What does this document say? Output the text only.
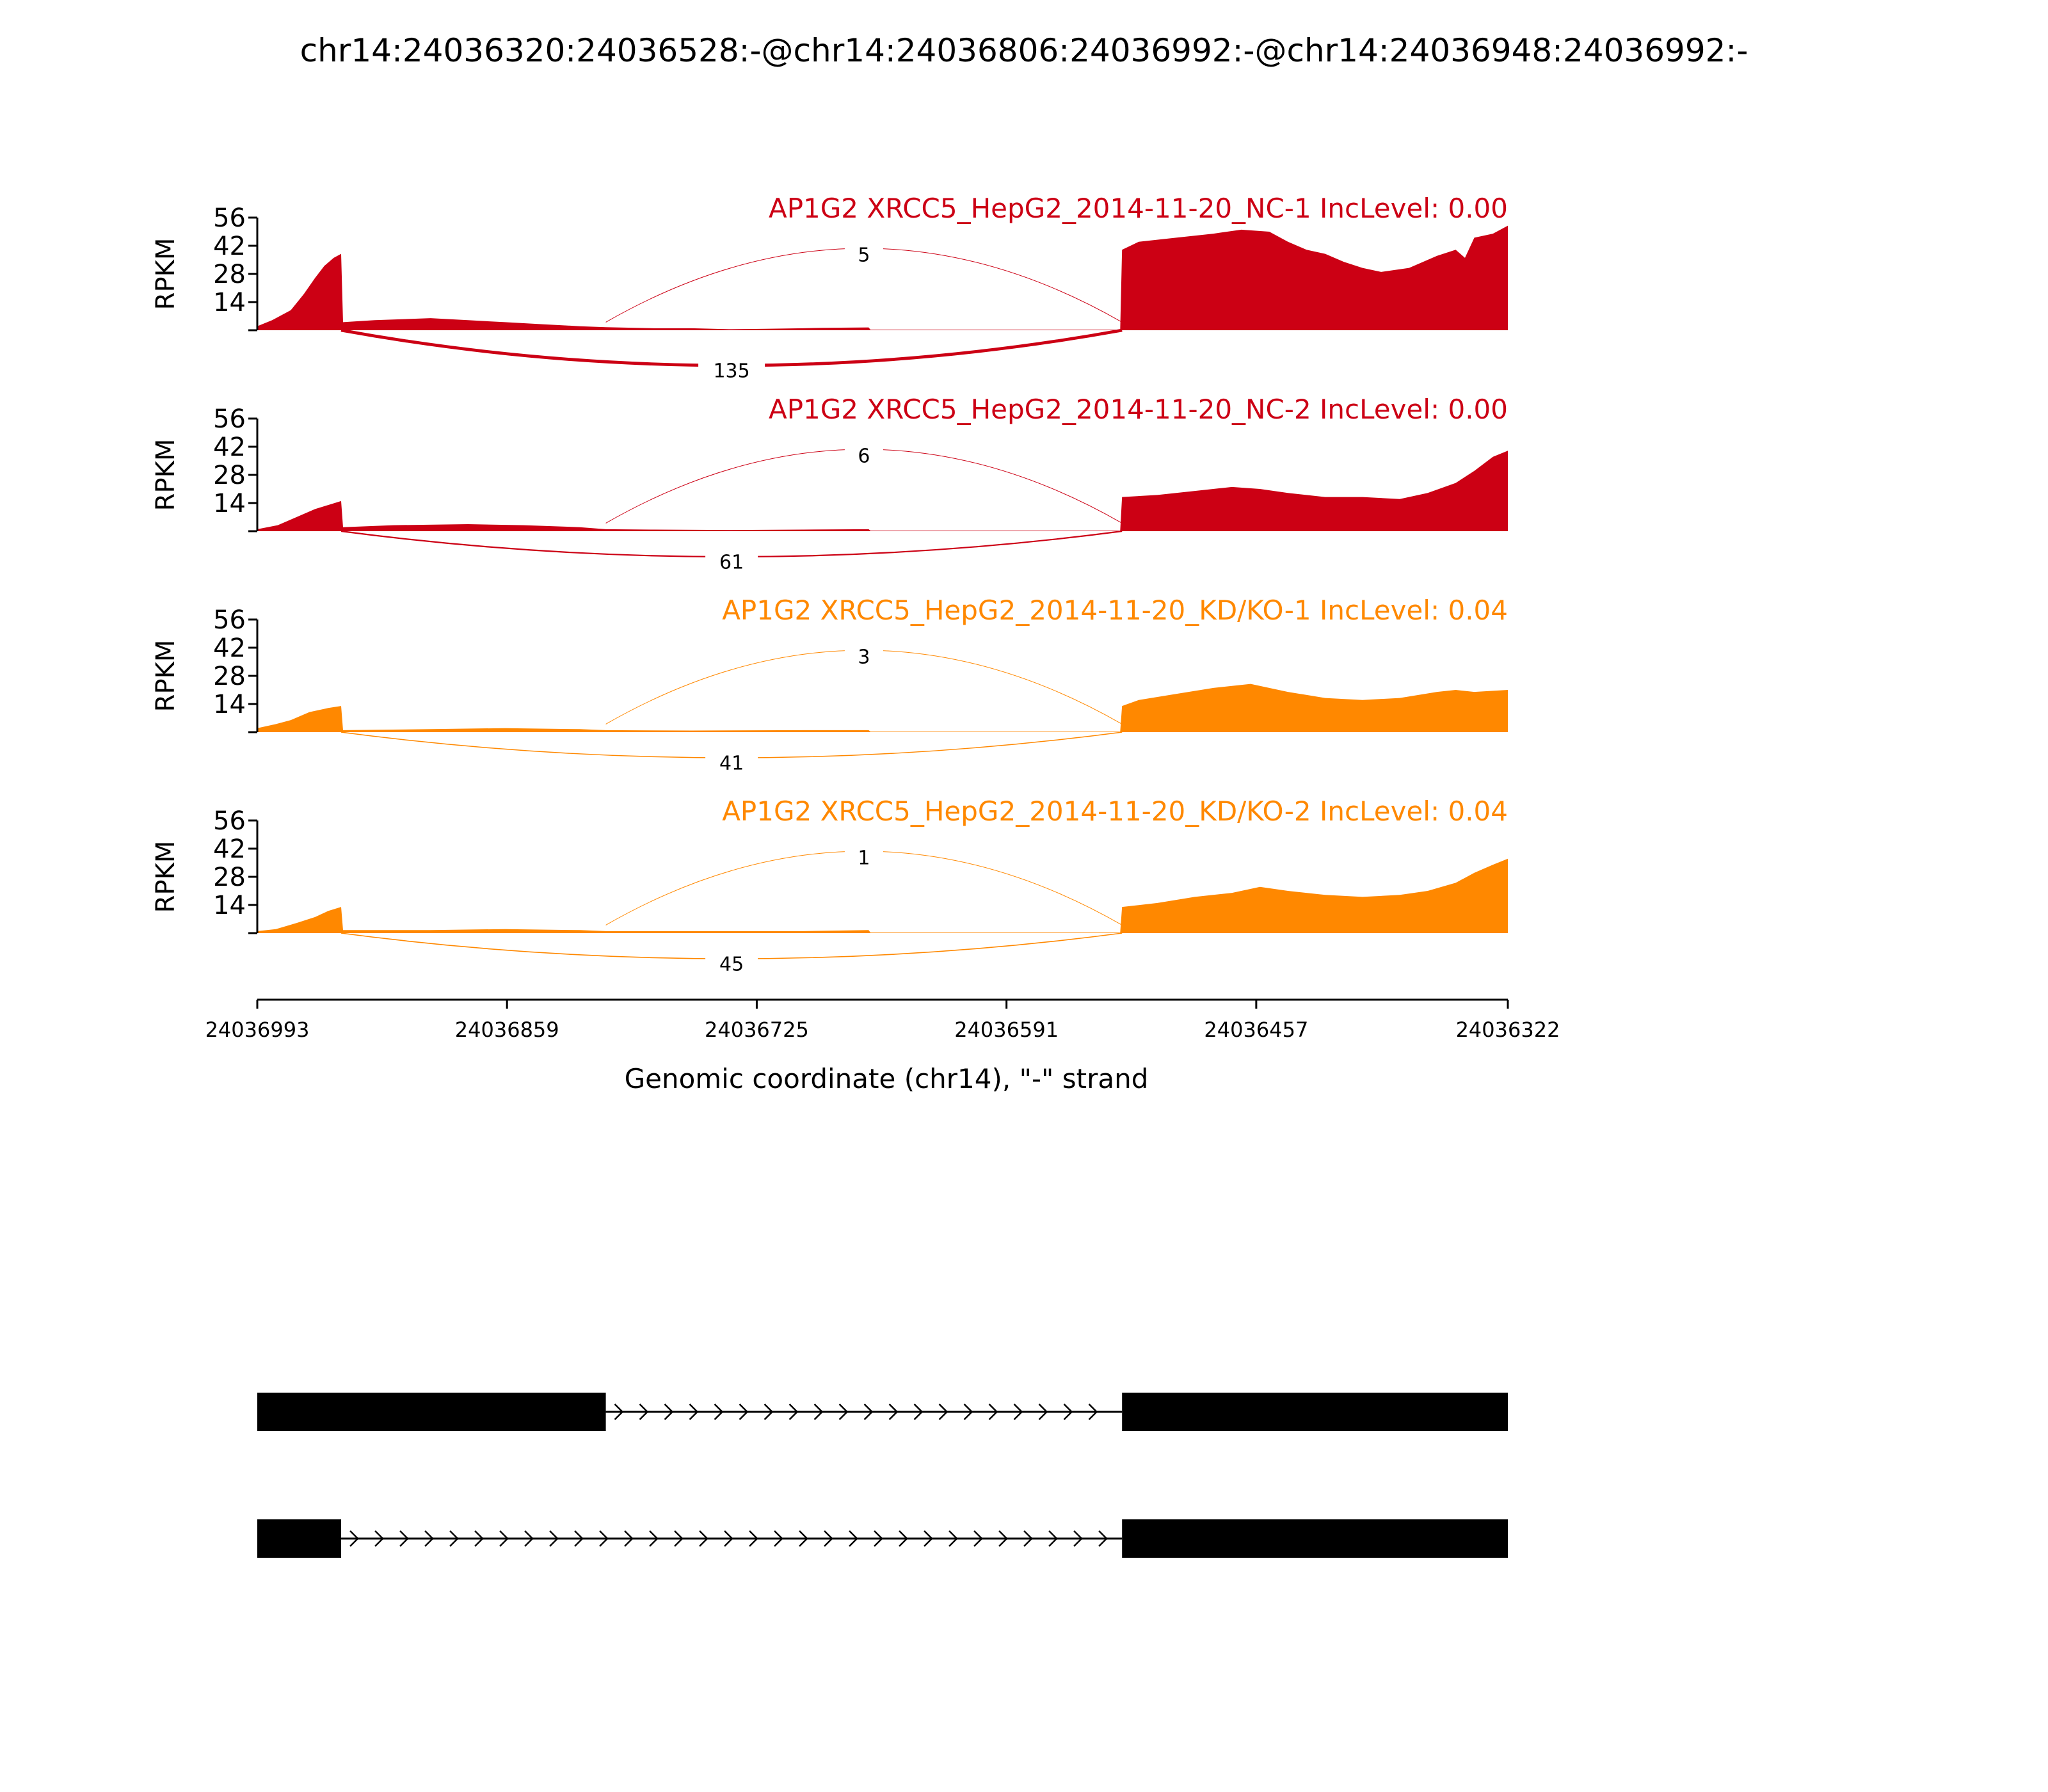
chr14:24036320:24036528:-@chr14:24036806:24036992:-@chr14:24036948:24036992:-
135
5
14
28
42
56
RPKM
AP1G2 XRCC5_HepG2_2014-11-20_NC-1 IncLevel: 0.00
61
6
14
28
42
56
RPKM
AP1G2 XRCC5_HepG2_2014-11-20_NC-2 IncLevel: 0.00
41
3
14
28
42
56
RPKM
AP1G2 XRCC5_HepG2_2014-11-20_KD/KO-1 IncLevel: 0.04
45
1
14
28
42
56
RPKM
AP1G2 XRCC5_HepG2_2014-11-20_KD/KO-2 IncLevel: 0.04
24036993	24036859	24036725	24036591	24036457	24036322
Genomic coordinate (chr14), "-" strand
